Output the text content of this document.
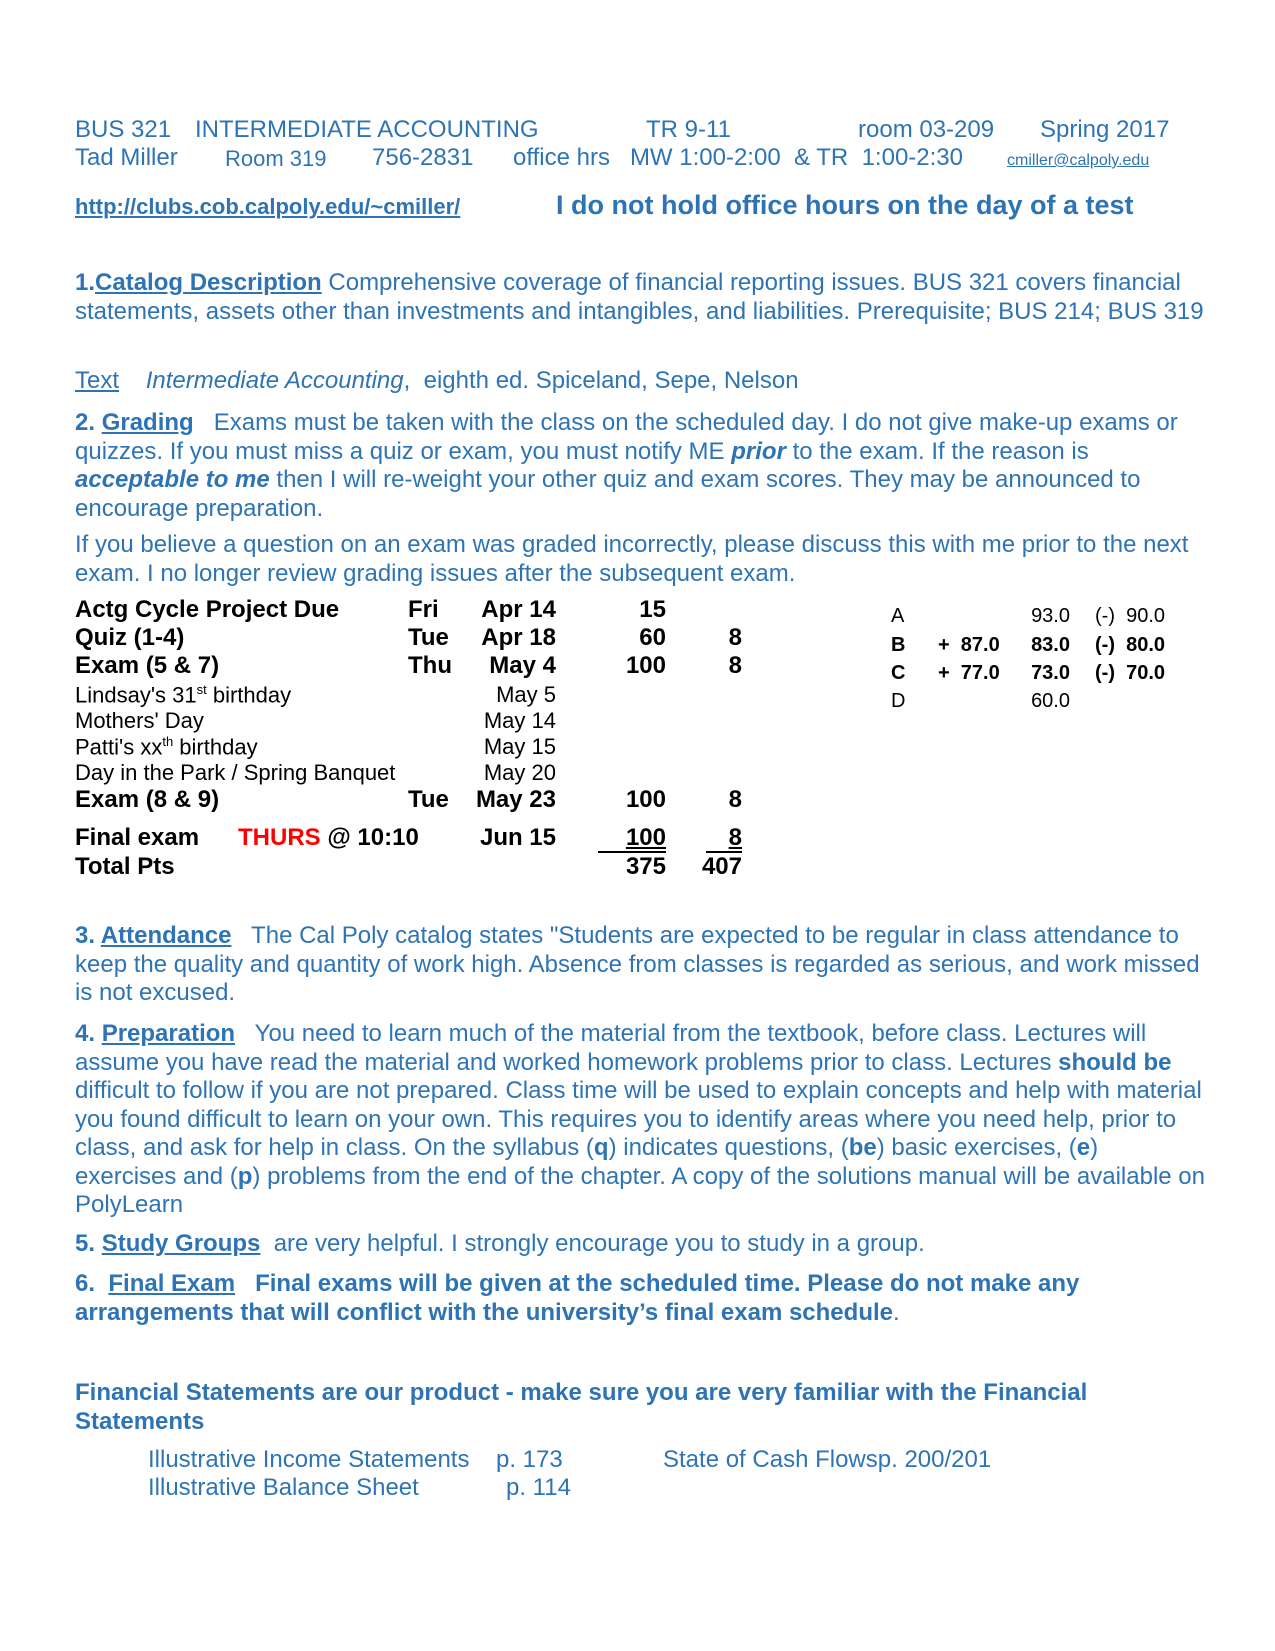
BUS 321 INTERMEDIATE ACCOUNTING	TR 9-11	room 03-209 Spring 2017
Tad Miller Room 319 756-2831 office hrs   MW 1:00-2:00  & TR  1:00-2:30	cmiller@calpoly.edu
http://clubs.cob.calpoly.edu/~cmiller/	I do not hold office hours on the day of a test
1.Catalog Description Comprehensive coverage of financial reporting issues. BUS 321 covers financial statements, assets other than investments and intangibles, and liabilities. Prerequisite; BUS 214; BUS 319
Text Intermediate Accounting,  eighth ed. Spiceland, Sepe, Nelson
2. Grading   Exams must be taken with the class on the scheduled day. I do not give make-up exams or quizzes. If you must miss a quiz or exam, you must notify ME prior to the exam. If the reason is acceptable to me then I will re-weight your other quiz and exam scores. They may be announced to encourage preparation.
If you believe a question on an exam was graded incorrectly, please discuss this with me prior to the next exam. I no longer review grading issues after the subsequent exam.
Actg Cycle Project Due	Fri	Apr 14	15
Quiz (1-4)	Tue	Apr 18	60	8
Exam (5 & 7)	Thu	May 4	100	8
Lindsay's 31st birthday	May 5
Mothers' Day	May 14
Patti's $xx^{th}$ birthday	May 15
Day in the Park / Spring Banquet	May 20
Exam (8 & 9)	Tue	May 23	100	8
Final exam THURS @ 10:10	Jun 15	100	8
Total Pts	375	407
A	93.0 (-)  90.0
B +  87.0	83.0 (-)  80.0
C +  77.0	73.0 (-)  70.0
D	60.0
3. Attendance   The Cal Poly catalog states "Students are expected to be regular in class attendance to keep the quality and quantity of work high. Absence from classes is regarded as serious, and work missed is not excused.
4. Preparation   You need to learn much of the material from the textbook, before class. Lectures will assume you have read the material and worked homework problems prior to class. Lectures should be difficult to follow if you are not prepared. Class time will be used to explain concepts and help with material you found difficult to learn on your own. This requires you to identify areas where you need help, prior to class, and ask for help in class. On the syllabus (q) indicates questions, (be) basic exercises, (e) exercises and (p) problems from the end of the chapter. A copy of the solutions manual will be available on PolyLearn
5. Study Groups  are very helpful. I strongly encourage you to study in a group.
6.  Final Exam   Final exams will be given at the scheduled time. Please do not make any arrangements that will conflict with the university’s final exam schedule.
Financial Statements are our product - make sure you are very familiar with the Financial Statements
Illustrative Income Statements p. 173	State of Cash Flowsp. 200/201
Illustrative Balance Sheet	p. 114
